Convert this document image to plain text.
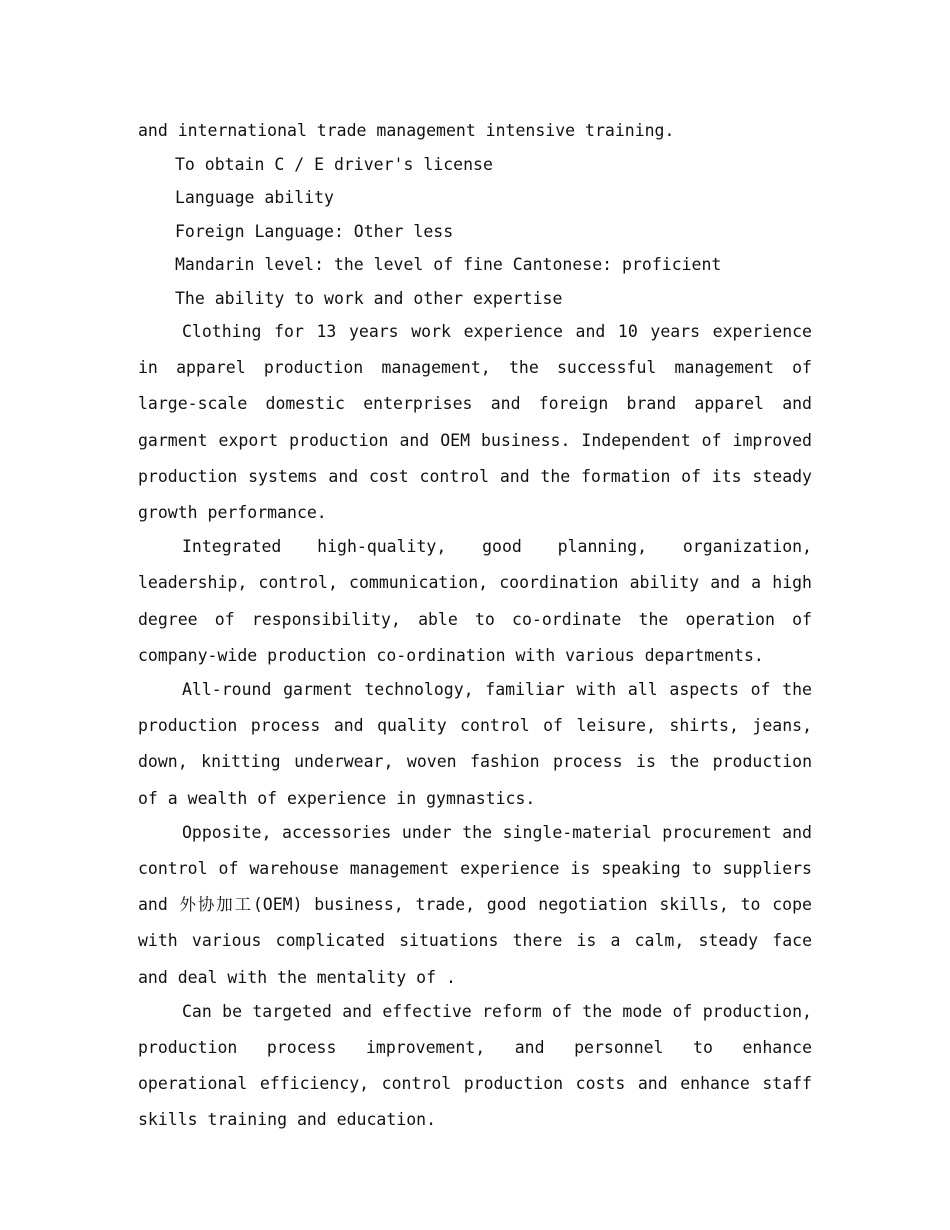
and international trade management intensive training.

To obtain C / E driver's license

Language ability

Foreign Language: Other less

Mandarin level: the level of fine Cantonese: proficient

The ability to work and other expertise

Clothing for 13 years work experience and 10 years experience in apparel production management, the successful management of large-scale domestic enterprises and foreign brand apparel and garment export production and OEM business. Independent of improved production systems and cost control and the formation of its steady growth performance.

Integrated high-quality, good planning, organization, leadership, control, communication, coordination ability and a high degree of responsibility, able to co-ordinate the operation of company-wide production co-ordination with various departments.

All-round garment technology, familiar with all aspects of the production process and quality control of leisure, shirts, jeans, down, knitting underwear, woven fashion process is the production of a wealth of experience in gymnastics.

Opposite, accessories under the single-material procurement and control of warehouse management experience is speaking to suppliers and 外协加工(OEM) business, trade, good negotiation skills, to cope with various complicated situations there is a calm, steady face and deal with the mentality of .

Can be targeted and effective reform of the mode of production, production process improvement, and personnel to enhance operational efficiency, control production costs and enhance staff skills training and education.
